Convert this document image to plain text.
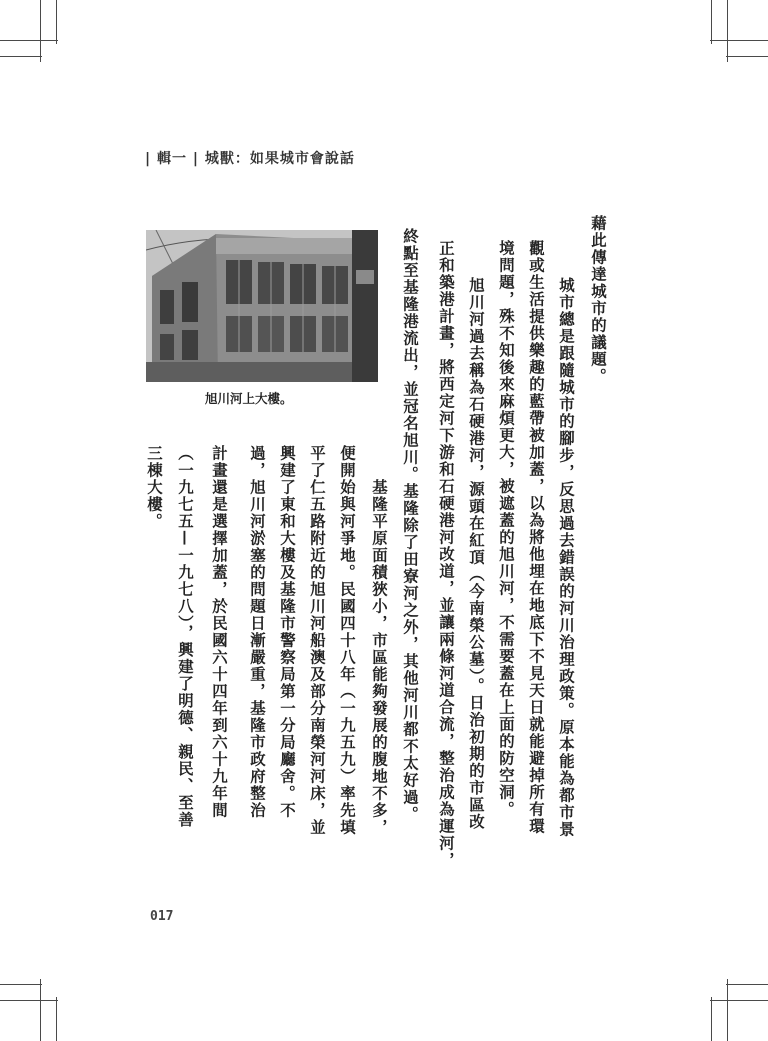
| 輯一 | 城獸：如果城市會說話
藉此傳達城市的議題。
　　城市總是跟隨城市的腳步，反思過去錯誤的河川治理政策。原本能為都市景
觀或生活提供樂趣的藍帶被加蓋，以為將他埋在地底下不見天日就能避掉所有環
境問題，殊不知後來麻煩更大，被遮蓋的旭川河，不需要蓋在上面的防空洞。
　　旭川河過去稱為石硬港河，源頭在紅頂（今南榮公墓）。日治初期的市區改
正和築港計畫，將西定河下游和石硬港河改道，並讓兩條河道合流，整治成為運河，
終點至基隆港流出，並冠名旭川。基隆除了田寮河之外，其他河川都不太好過。
　　基隆平原面積狹小，市區能夠發展的腹地不多，
便開始與河爭地。民國四十八年（一九五九）率先填
平了仁五路附近的旭川河船澳及部分南榮河河床，並
興建了東和大樓及基隆市警察局第一分局廳舍。不
過，旭川河淤塞的問題日漸嚴重，基隆市政府整治
計畫還是選擇加蓋，於民國六十四年到六十九年間
（一九七五—一九七八），興建了明德、親民、至善
三棟大樓。
旭川河上大樓。
017
